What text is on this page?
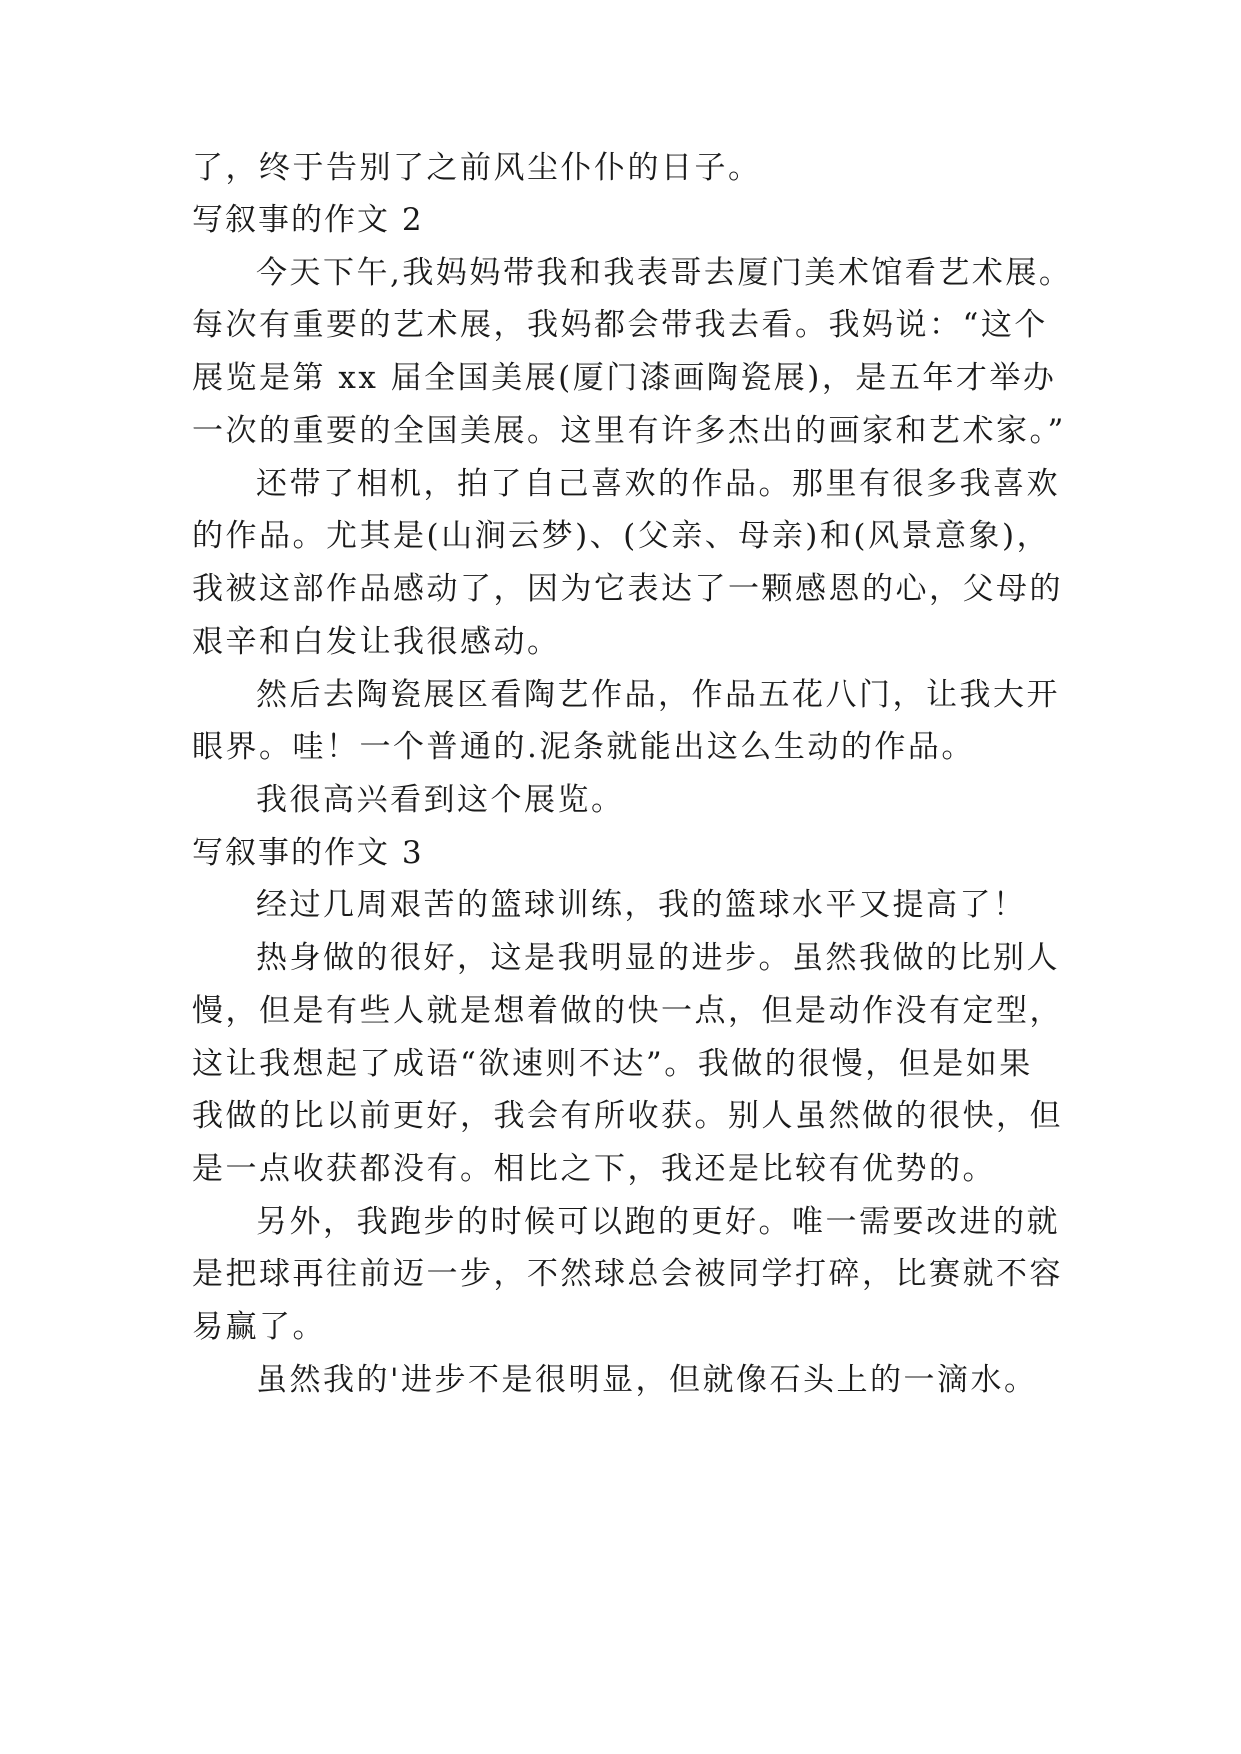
了，终于告别了之前风尘仆仆的日子。
写叙事的作文 2
今天下午,我妈妈带我和我表哥去厦门美术馆看艺术展。
每次有重要的艺术展，我妈都会带我去看。我妈说：“这个
展览是第 xx 届全国美展(厦门漆画陶瓷展)，是五年才举办
一次的重要的全国美展。这里有许多杰出的画家和艺术家。”
还带了相机，拍了自己喜欢的作品。那里有很多我喜欢
的作品。尤其是(山涧云梦)、(父亲、母亲)和(风景意象)，
我被这部作品感动了，因为它表达了一颗感恩的心，父母的
艰辛和白发让我很感动。
然后去陶瓷展区看陶艺作品，作品五花八门，让我大开
眼界。哇！一个普通的.泥条就能出这么生动的作品。
我很高兴看到这个展览。
写叙事的作文 3
经过几周艰苦的篮球训练，我的篮球水平又提高了！
热身做的很好，这是我明显的进步。虽然我做的比别人
慢，但是有些人就是想着做的快一点，但是动作没有定型，
这让我想起了成语“欲速则不达”。我做的很慢，但是如果
我做的比以前更好，我会有所收获。别人虽然做的很快，但
是一点收获都没有。相比之下，我还是比较有优势的。
另外，我跑步的时候可以跑的更好。唯一需要改进的就
是把球再往前迈一步，不然球总会被同学打碎，比赛就不容
易赢了。
虽然我的'进步不是很明显，但就像石头上的一滴水。
